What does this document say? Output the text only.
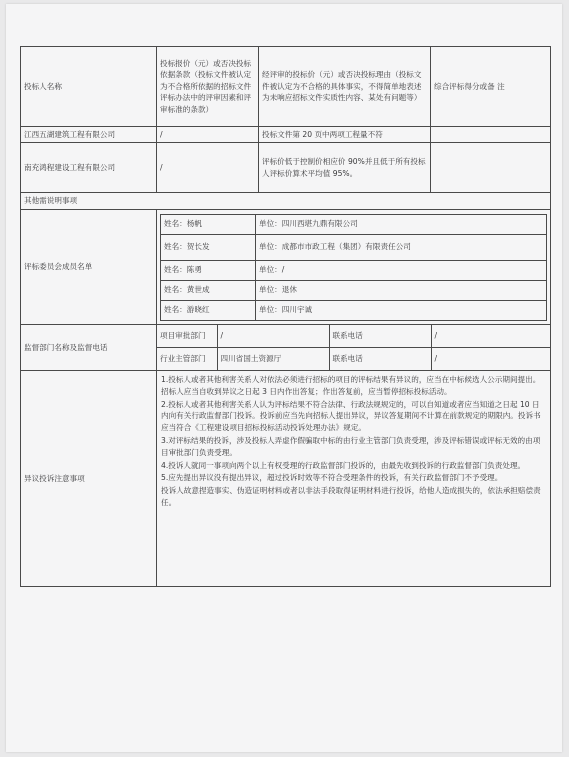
投标人名称	投标报价（元）或否决投标依据条款（投标文件被认定为不合格所依据的招标文件评标办法中的评审因素和评审标准的条款）	经评审的投标价（元）或否决投标理由（投标文件被认定为不合格的具体事实，不得简单地表述为未响应招标文件实质性内容、某处有问题等）	综合评标得分或备 注
江西五湖建筑工程有限公司	/	投标文件第 20 页中两项工程量不符	
南充鸿程建设工程有限公司	/	评标价低于控制价相应价 90%并且低于所有投标人评标价算术平均值 95%。	
其他需说明事项
评标委员会成员名单	
姓名：杨帆	单位：四川西堪九鼎有限公司
姓名：贺长发	单位：成都市市政工程（集团）有限责任公司
姓名：陈勇	单位：/
姓名：黄世成	单位：退休
姓名：游晓红	单位：四川宇诚

监督部门名称及监督电话	
项目审批部门	/	联系电话	/
行业主管部门	四川省国土资源厅	联系电话	/

异议投诉注意事项	

1.投标人或者其他利害关系人对依法必须进行招标的项目的评标结果有异议的，应当在中标候选人公示期间提出。招标人应当自收到异议之日起 3 日内作出答复；作出答复前，应当暂停招标投标活动。

2.投标人或者其他利害关系人认为评标结果不符合法律、行政法规规定的，可以自知道或者应当知道之日起 10 日内向有关行政监督部门投诉。投诉前应当先向招标人提出异议，异议答复期间不计算在前款规定的期限内。投诉书应当符合《工程建设项目招标投标活动投诉处理办法》规定。

3.对评标结果的投诉，涉及投标人弄虚作假骗取中标的由行业主管部门负责受理，涉及评标错误或评标无效的由项目审批部门负责受理。

4.投诉人就同一事项向两个以上有权受理的行政监督部门投诉的，由最先收到投诉的行政监督部门负责处理。

5.应先提出异议没有提出异议，超过投诉时效等不符合受理条件的投诉，有关行政监督部门不予受理。

投诉人故意捏造事实、伪造证明材料或者以非法手段取得证明材料进行投诉，给他人造成损失的，依法承担赔偿责任。
